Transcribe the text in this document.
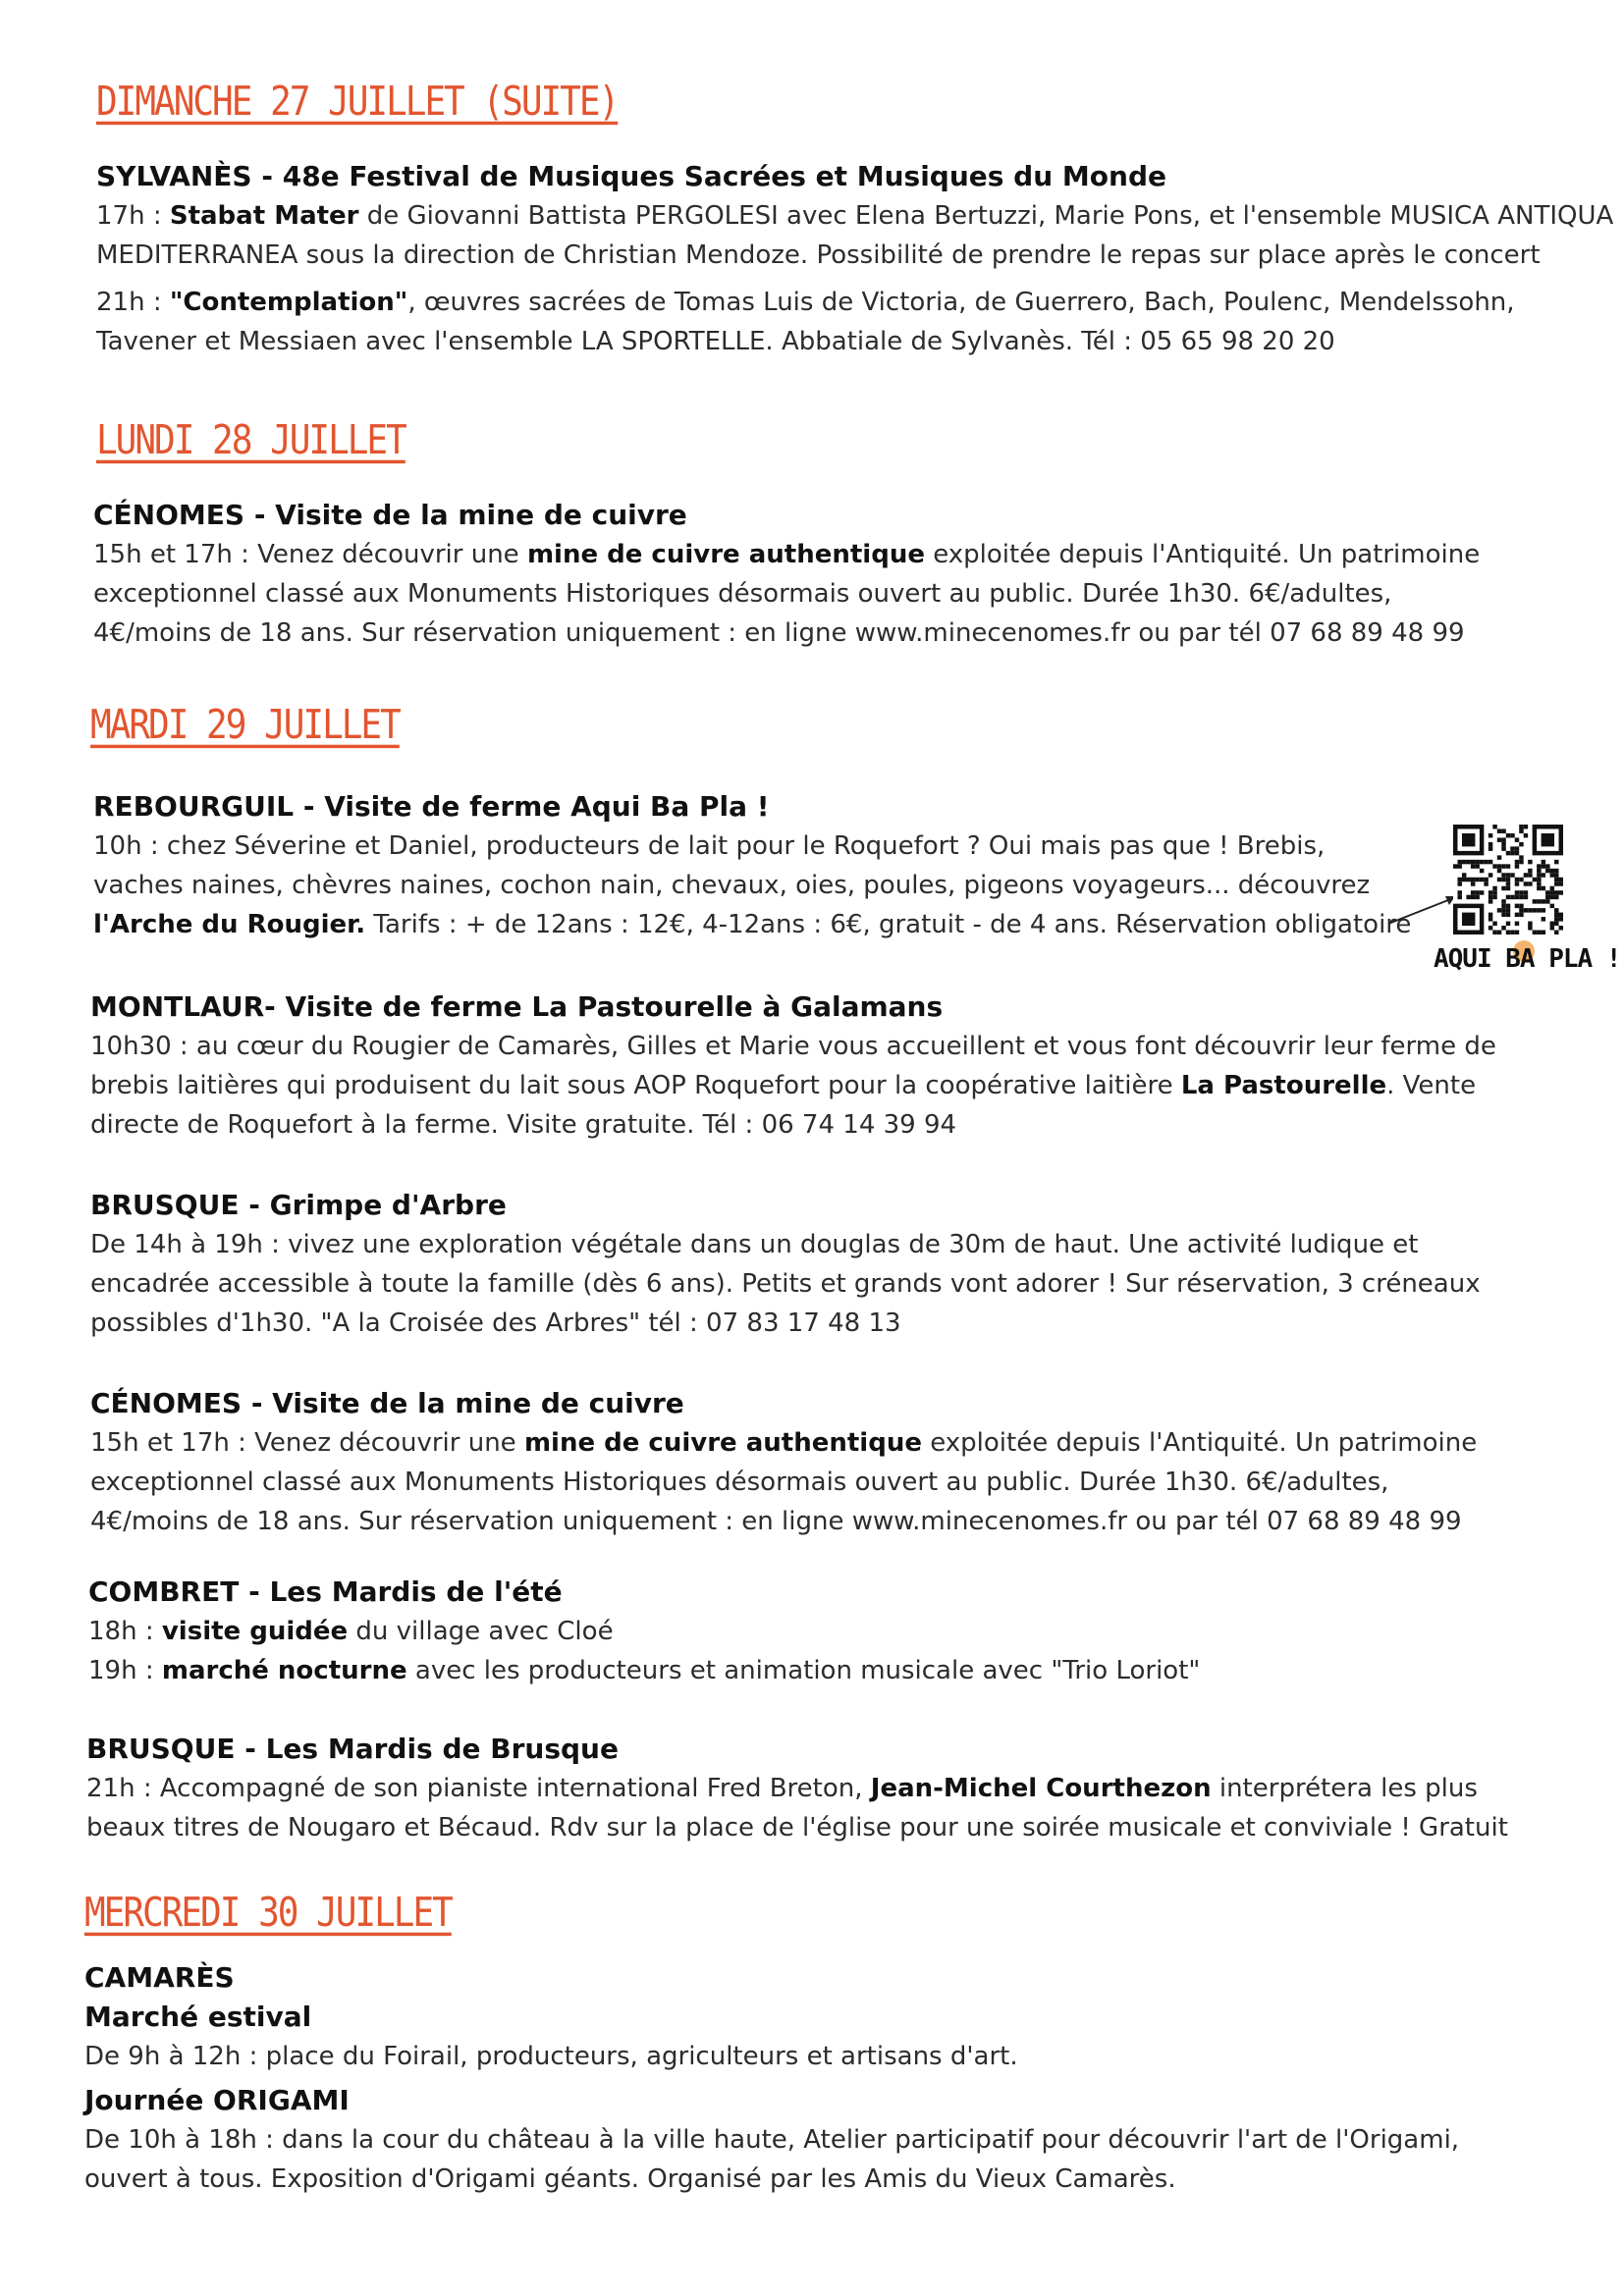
DIMANCHE 27 JUILLET (SUITE)
SYLVANÈS - 48e Festival de Musiques Sacrées et Musiques du Monde
17h : Stabat Mater de Giovanni Battista PERGOLESI avec Elena Bertuzzi, Marie Pons, et l'ensemble MUSICA ANTIQUA
MEDITERRANEA sous la direction de Christian Mendoze. Possibilité de prendre le repas sur place après le concert
21h : "Contemplation", œuvres sacrées de Tomas Luis de Victoria, de Guerrero, Bach, Poulenc, Mendelssohn,
Tavener et Messiaen avec l'ensemble LA SPORTELLE. Abbatiale de Sylvanès. Tél : 05 65 98 20 20
LUNDI 28 JUILLET
CÉNOMES - Visite de la mine de cuivre
15h et 17h : Venez découvrir une mine de cuivre authentique exploitée depuis l'Antiquité. Un patrimoine
exceptionnel classé aux Monuments Historiques désormais ouvert au public. Durée 1h30. 6€/adultes,
4€/moins de 18 ans. Sur réservation uniquement : en ligne www.minecenomes.fr ou par tél 07 68 89 48 99
MARDI 29 JUILLET
REBOURGUIL - Visite de ferme Aqui Ba Pla !
10h : chez Séverine et Daniel, producteurs de lait pour le Roquefort ? Oui mais pas que ! Brebis,
vaches naines, chèvres naines, cochon nain, chevaux, oies, poules, pigeons voyageurs... découvrez
l'Arche du Rougier. Tarifs : + de 12ans : 12€, 4-12ans : 6€, gratuit - de 4 ans. Réservation obligatoire
MONTLAUR- Visite de ferme La Pastourelle à Galamans
10h30 : au cœur du Rougier de Camarès, Gilles et Marie vous accueillent et vous font découvrir leur ferme de
brebis laitières qui produisent du lait sous AOP Roquefort pour la coopérative laitière La Pastourelle. Vente
directe de Roquefort à la ferme. Visite gratuite. Tél : 06 74 14 39 94
BRUSQUE - Grimpe d'Arbre
De 14h à 19h : vivez une exploration végétale dans un douglas de 30m de haut. Une activité ludique et
encadrée accessible à toute la famille (dès 6 ans). Petits et grands vont adorer ! Sur réservation, 3 créneaux
possibles d'1h30. "A la Croisée des Arbres" tél : 07 83 17 48 13
CÉNOMES - Visite de la mine de cuivre
15h et 17h : Venez découvrir une mine de cuivre authentique exploitée depuis l'Antiquité. Un patrimoine
exceptionnel classé aux Monuments Historiques désormais ouvert au public. Durée 1h30. 6€/adultes,
4€/moins de 18 ans. Sur réservation uniquement : en ligne www.minecenomes.fr ou par tél 07 68 89 48 99
COMBRET - Les Mardis de l'été
18h : visite guidée du village avec Cloé
19h : marché nocturne avec les producteurs et animation musicale avec "Trio Loriot"
BRUSQUE - Les Mardis de Brusque
21h : Accompagné de son pianiste international Fred Breton, Jean-Michel Courthezon interprétera les plus
beaux titres de Nougaro et Bécaud. Rdv sur la place de l'église pour une soirée musicale et conviviale ! Gratuit
MERCREDI 30 JUILLET
CAMARÈS
Marché estival
De 9h à 12h : place du Foirail, producteurs, agriculteurs et artisans d'art.
Journée ORIGAMI
De 10h à 18h : dans la cour du château à la ville haute, Atelier participatif pour découvrir l'art de l'Origami,
ouvert à tous. Exposition d'Origami géants. Organisé par les Amis du Vieux Camarès.
AQUI BA PLA !
